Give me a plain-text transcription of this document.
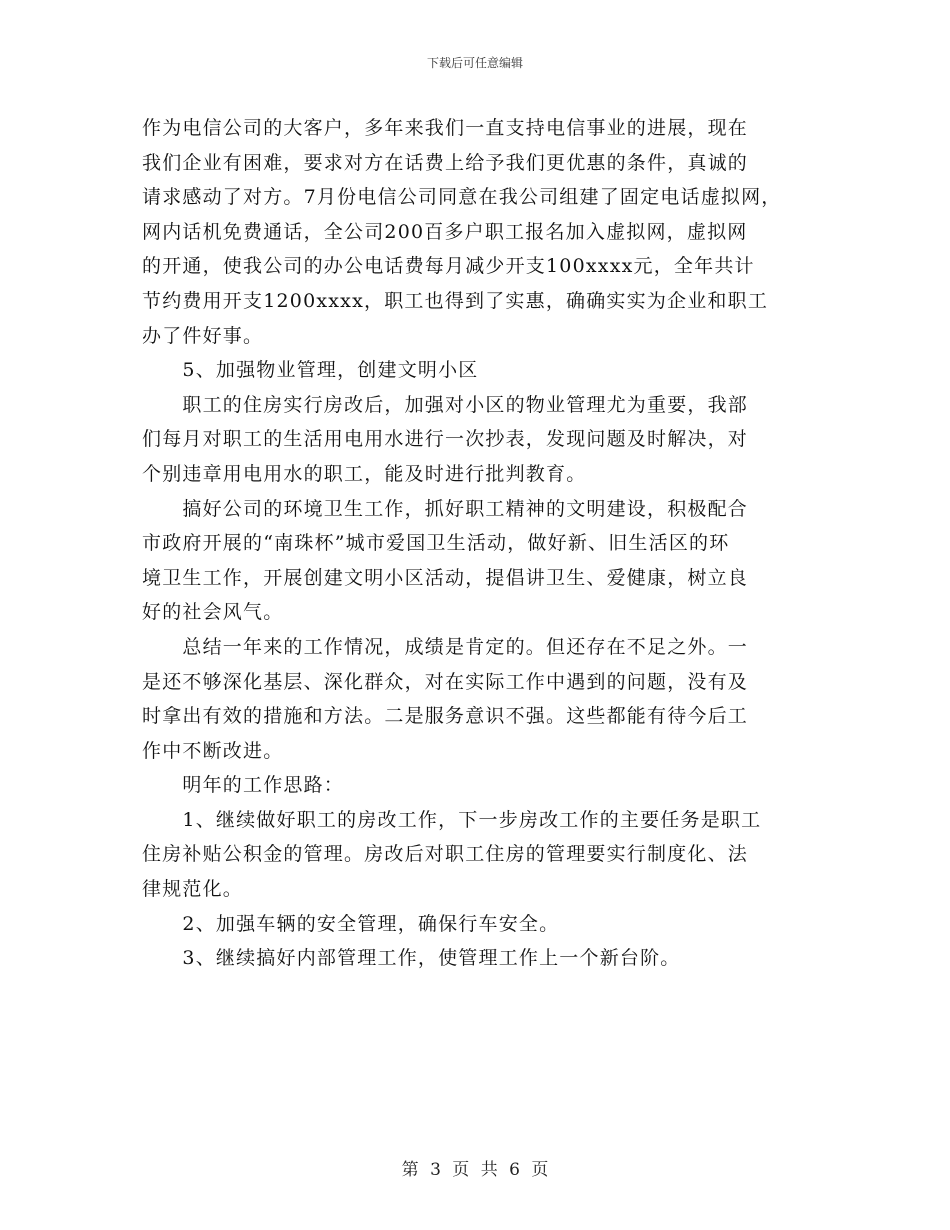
下载后可任意编辑
作为电信公司的大客户，多年来我们一直支持电信事业的进展，现在
我们企业有困难，要求对方在话费上给予我们更优惠的条件，真诚的
请求感动了对方。7月份电信公司同意在我公司组建了固定电话虚拟网，
网内话机免费通话，全公司200百多户职工报名加入虚拟网，虚拟网
的开通，使我公司的办公电话费每月减少开支100xxxx元，全年共计
节约费用开支1200xxxx，职工也得到了实惠，确确实实为企业和职工
办了件好事。
　　5、加强物业管理，创建文明小区
　　职工的住房实行房改后，加强对小区的物业管理尤为重要，我部
们每月对职工的生活用电用水进行一次抄表，发现问题及时解决，对
个别违章用电用水的职工，能及时进行批判教育。
　　搞好公司的环境卫生工作，抓好职工精神的文明建设，积极配合
市政府开展的“南珠杯”城市爱国卫生活动，做好新、旧生活区的环
境卫生工作，开展创建文明小区活动，提倡讲卫生、爱健康，树立良
好的社会风气。
　　总结一年来的工作情况，成绩是肯定的。但还存在不足之外。一
是还不够深化基层、深化群众，对在实际工作中遇到的问题，没有及
时拿出有效的措施和方法。二是服务意识不强。这些都能有待今后工
作中不断改进。
　　明年的工作思路：
　　1、继续做好职工的房改工作，下一步房改工作的主要任务是职工
住房补贴公积金的管理。房改后对职工住房的管理要实行制度化、法
律规范化。
　　2、加强车辆的安全管理，确保行车安全。
　　3、继续搞好内部管理工作，使管理工作上一个新台阶。
第 3 页 共 6 页
